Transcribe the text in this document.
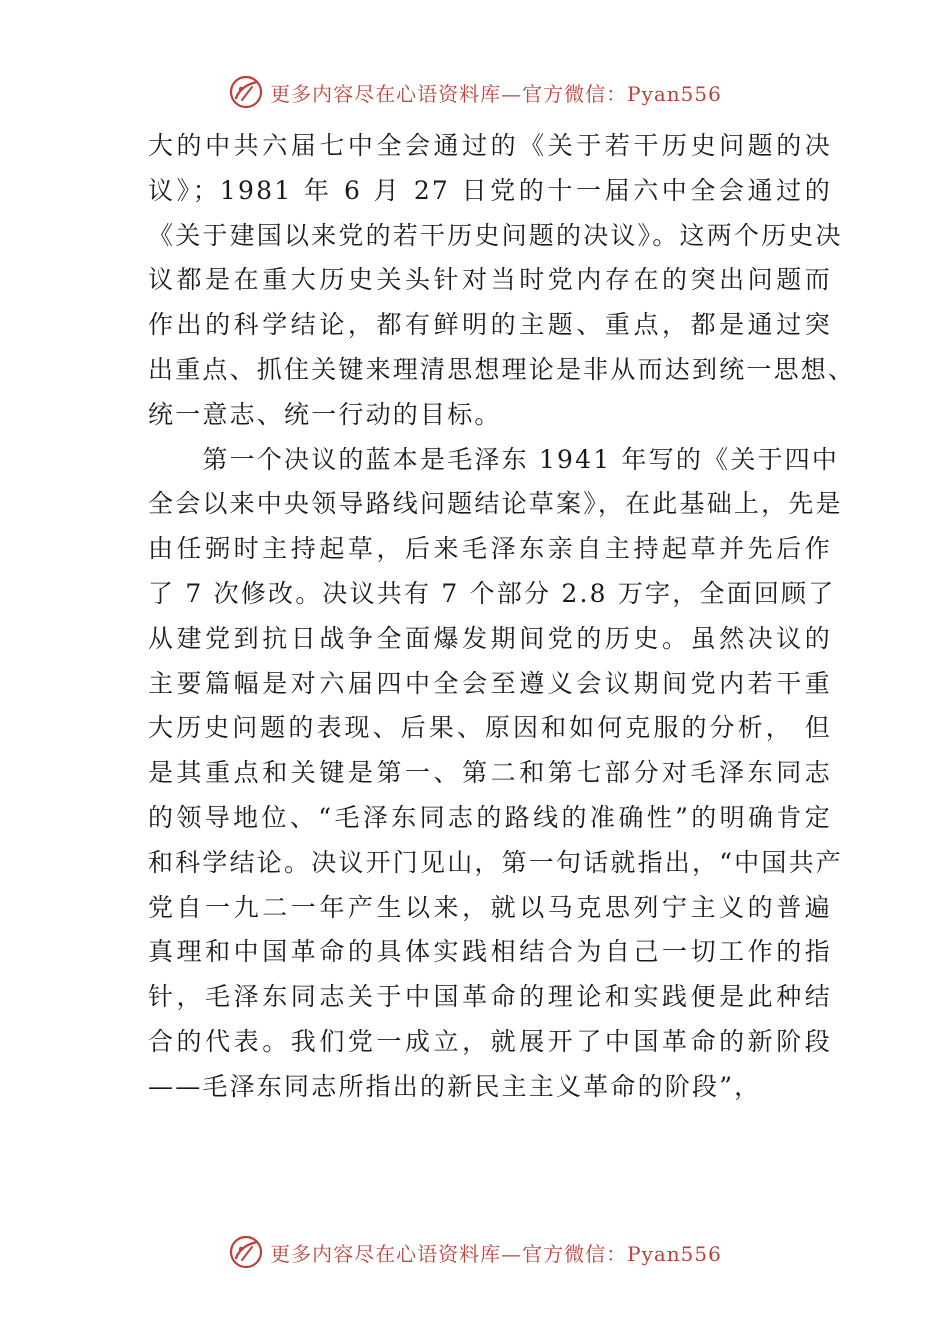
更多内容尽在心语资料库—官方微信：Pyan556
大的中共六届七中全会通过的《关于若干历史问题的决
议》；1981 年 6 月 27 日党的十一届六中全会通过的
《关于建国以来党的若干历史问题的决议》。这两个历史决
议都是在重大历史关头针对当时党内存在的突出问题而
作出的科学结论，都有鲜明的主题、重点，都是通过突
出重点、抓住关键来理清思想理论是非从而达到统一思想、
统一意志、统一行动的目标。
　　第一个决议的蓝本是毛泽东 1941 年写的《关于四中
全会以来中央领导路线问题结论草案》，在此基础上，先是
由任弼时主持起草，后来毛泽东亲自主持起草并先后作
了 7 次修改。决议共有 7 个部分 2.8 万字，全面回顾了
从建党到抗日战争全面爆发期间党的历史。虽然决议的
主要篇幅是对六届四中全会至遵义会议期间党内若干重
大历史问题的表现、后果、原因和如何克服的分析， 但
是其重点和关键是第一、第二和第七部分对毛泽东同志
的领导地位、“毛泽东同志的路线的准确性”的明确肯定
和科学结论。决议开门见山，第一句话就指出，“中国共产
党自一九二一年产生以来，就以马克思列宁主义的普遍
真理和中国革命的具体实践相结合为自己一切工作的指
针，毛泽东同志关于中国革命的理论和实践便是此种结
合的代表。我们党一成立，就展开了中国革命的新阶段
——毛泽东同志所指出的新民主主义革命的阶段”，
更多内容尽在心语资料库—官方微信：Pyan556
